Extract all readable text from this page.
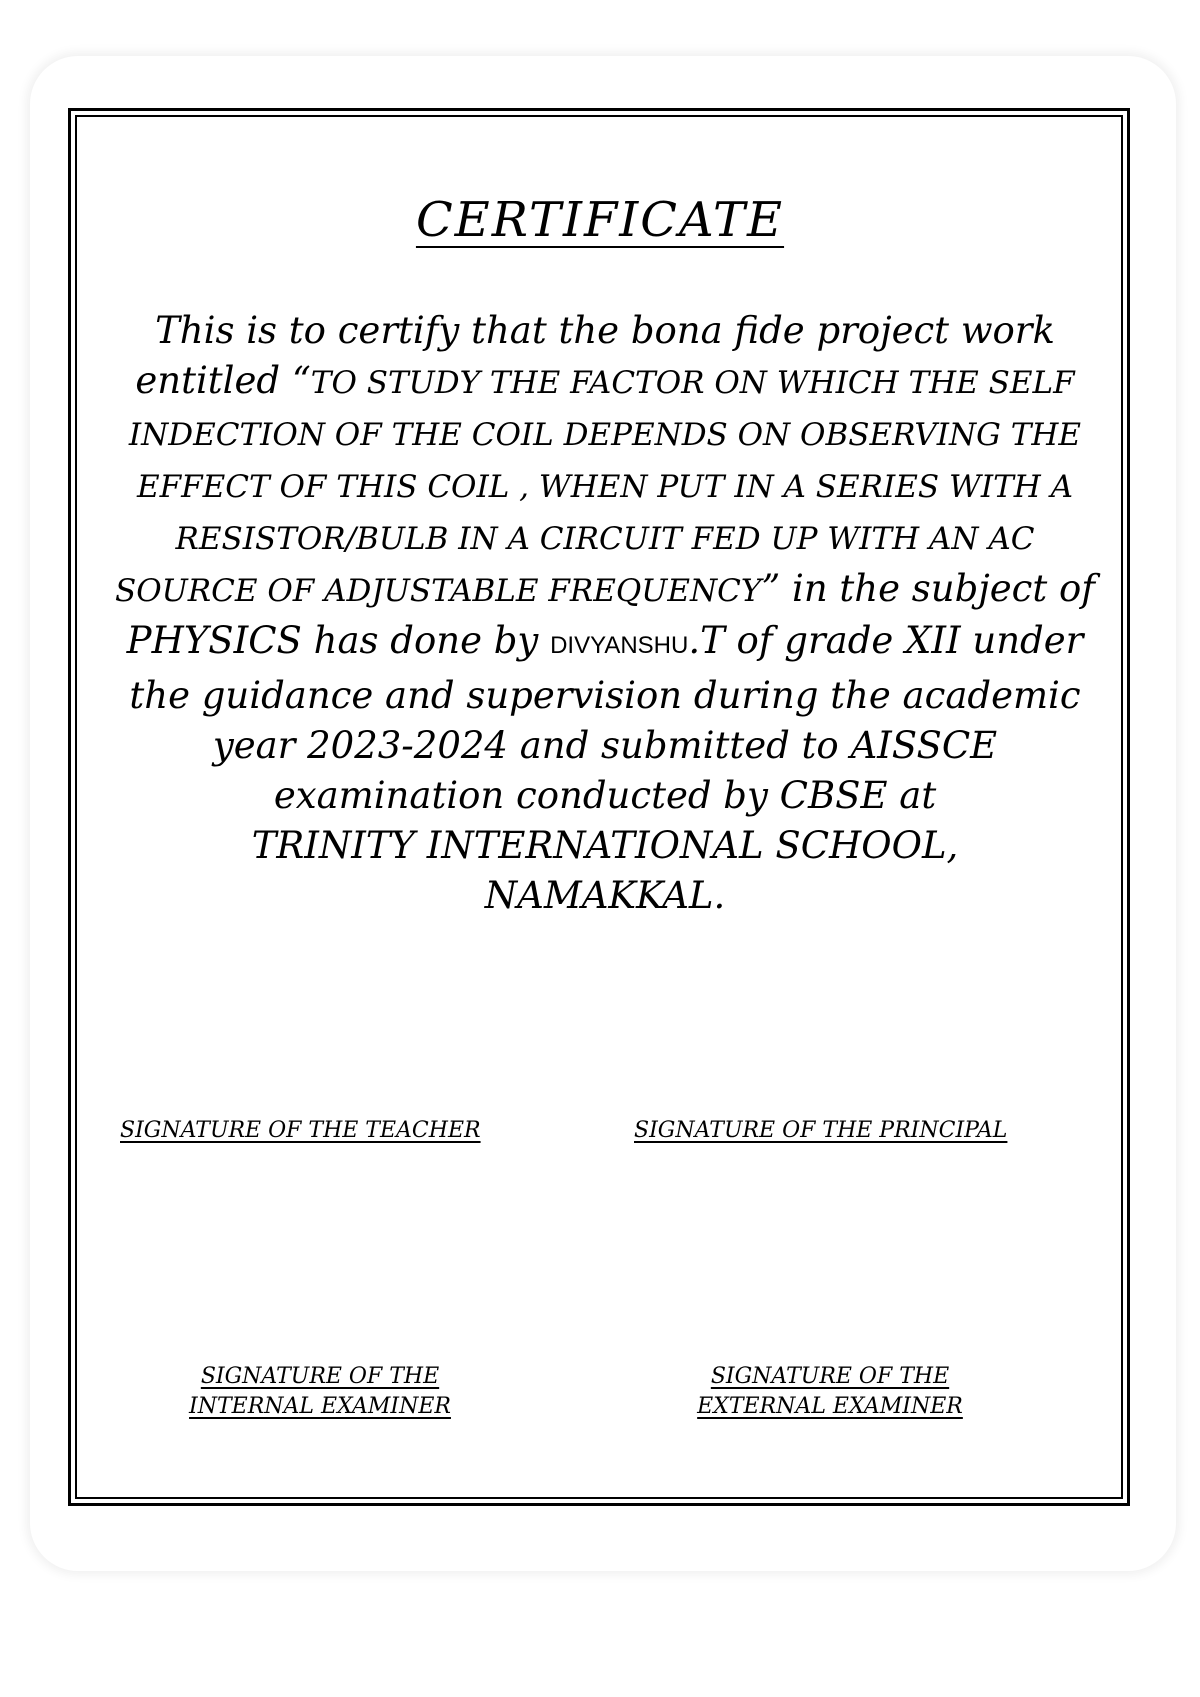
CERTIFICATE
This is to certify that the bona fide project work entitled “TO STUDY THE FACTOR ON WHICH THE SELF INDECTION OF THE COIL DEPENDS ON OBSERVING THE EFFECT OF THIS COIL , WHEN PUT IN A SERIES WITH A RESISTOR/BULB IN A CIRCUIT FED UP WITH AN AC SOURCE OF ADJUSTABLE FREQUENCY” in the subject of PHYSICS has done by DIVYANSHU.T of grade XII under the guidance and supervision during the academic year 2023-2024 and submitted to AISSCE examination conducted by CBSE at
TRINITY INTERNATIONAL SCHOOL,
NAMAKKAL.
SIGNATURE OF THE TEACHER	SIGNATURE OF THE PRINCIPAL
SIGNATURE OF THE
INTERNAL EXAMINER
SIGNATURE OF THE
EXTERNAL EXAMINER
